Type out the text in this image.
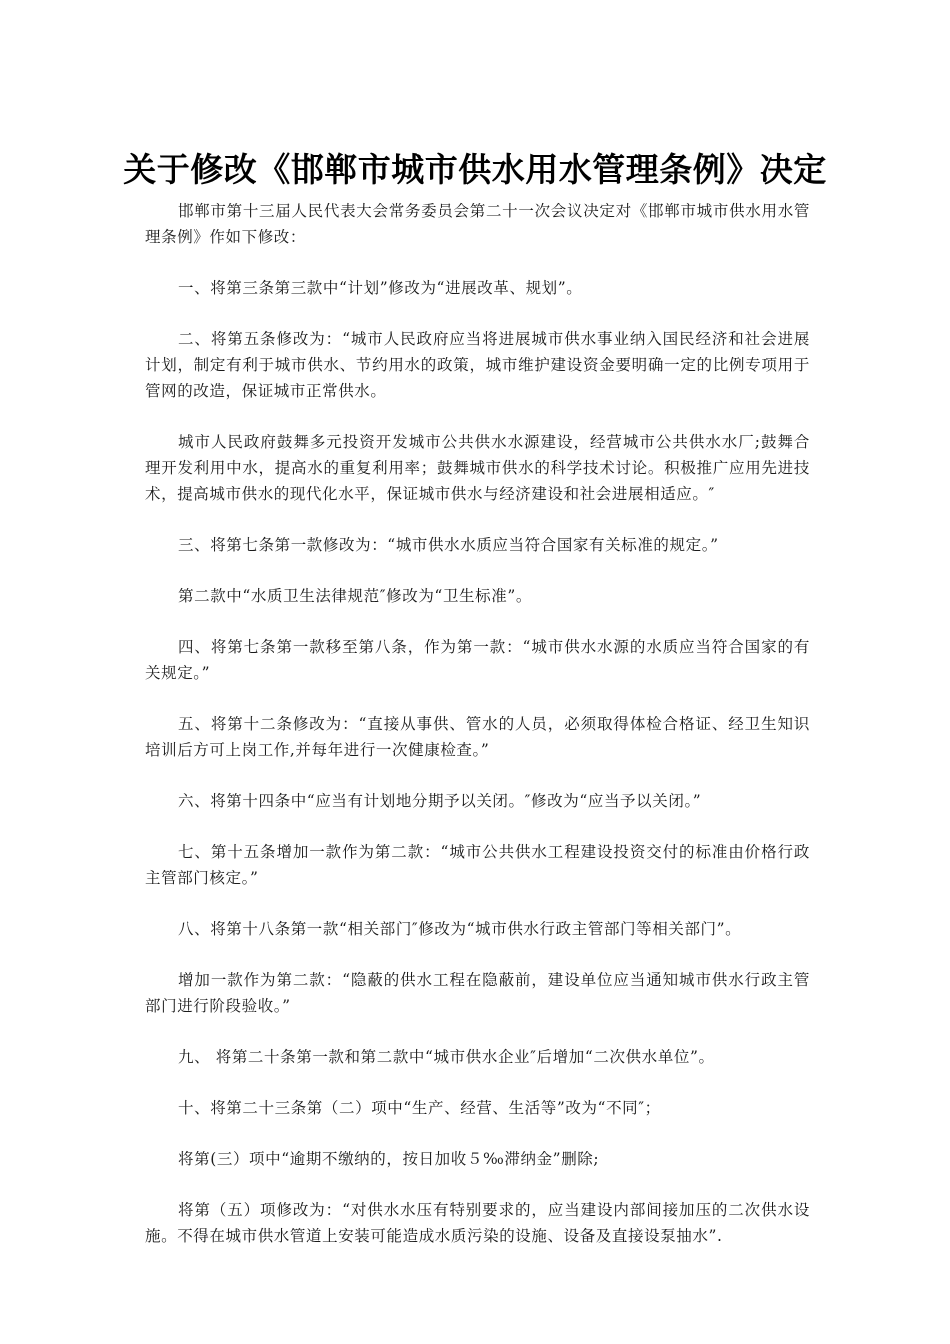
关于修改《邯郸市城市供水用水管理条例》决定

邯郸市第十三届人民代表大会常务委员会第二十一次会议决定对《邯郸市城市供水用水管理条例》作如下修改：

一、将第三条第三款中“计划”修改为“进展改革、规划”。

二、将第五条修改为：“城市人民政府应当将进展城市供水事业纳入国民经济和社会进展计划，制定有利于城市供水、节约用水的政策，城市维护建设资金要明确一定的比例专项用于管网的改造，保证城市正常供水。

城市人民政府鼓舞多元投资开发城市公共供水水源建设，经营城市公共供水水厂;鼓舞合理开发利用中水，提高水的重复利用率；鼓舞城市供水的科学技术讨论。积极推广应用先进技术，提高城市供水的现代化水平，保证城市供水与经济建设和社会进展相适应。″

三、将第七条第一款修改为：“城市供水水质应当符合国家有关标准的规定。”

第二款中“水质卫生法律规范″修改为“卫生标准”。

四、将第七条第一款移至第八条，作为第一款：“城市供水水源的水质应当符合国家的有关规定。”

五、将第十二条修改为：“直接从事供、管水的人员，必须取得体检合格证、经卫生知识培训后方可上岗工作,并每年进行一次健康检查。”

六、将第十四条中“应当有计划地分期予以关闭。″修改为“应当予以关闭。”

七、第十五条增加一款作为第二款：“城市公共供水工程建设投资交付的标准由价格行政主管部门核定。”

八、将第十八条第一款“相关部门″修改为“城市供水行政主管部门等相关部门”。

增加一款作为第二款：“隐蔽的供水工程在隐蔽前，建设单位应当通知城市供水行政主管部门进行阶段验收。”

九、 将第二十条第一款和第二款中“城市供水企业″后增加“二次供水单位”。

十、将第二十三条第（二）项中“生产、经营、生活等”改为“不同″；

将第(三）项中“逾期不缴纳的，按日加收５‰滞纳金”删除;

将第（五）项修改为：“对供水水压有特别要求的，应当建设内部间接加压的二次供水设施。不得在城市供水管道上安装可能造成水质污染的设施、设备及直接设泵抽水”.
